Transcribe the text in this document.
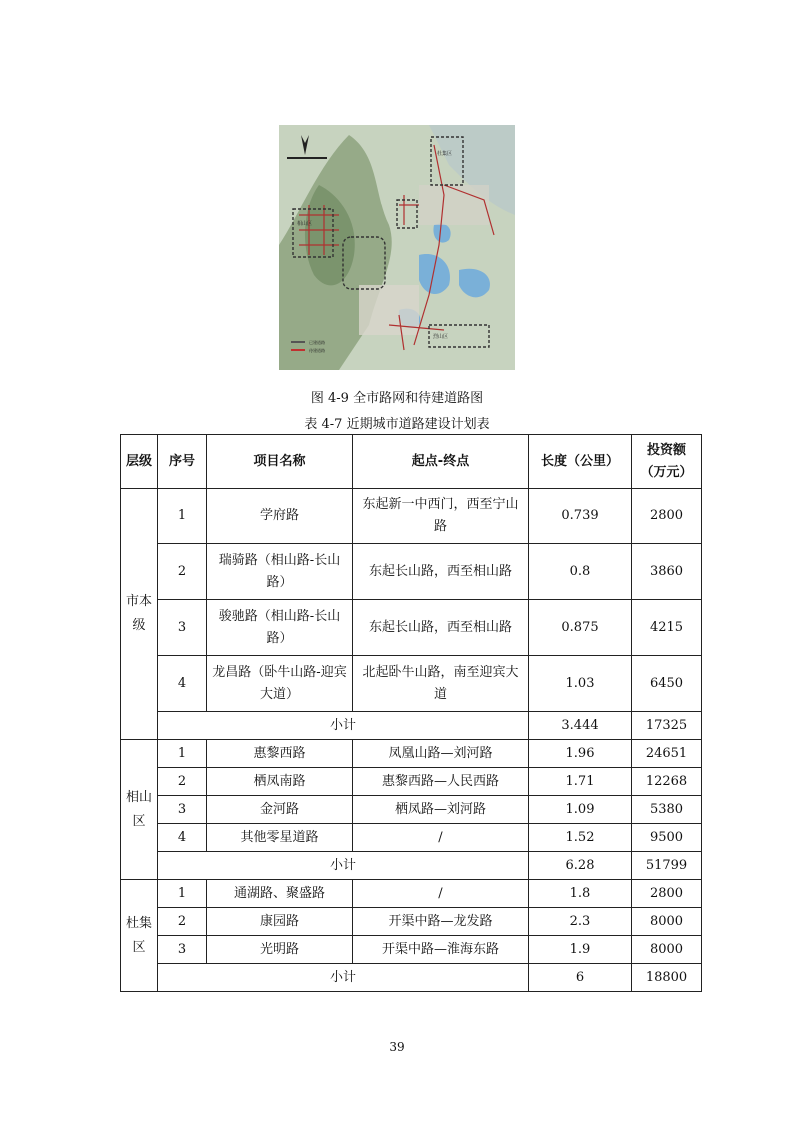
相山区
杜集区
烈山区
已建道路
待建道路
图 4-9 全市路网和待建道路图
表 4-7 近期城市道路建设计划表
层级	序号	项目名称	起点-终点	长度（公里）	投资额
（万元）
市本级	1	学府路	东起新一中西门，西至宁山路	0.739	2800
	2	瑞骑路（相山路-长山路）	东起长山路，西至相山路	0.8	3860
	3	骏驰路（相山路-长山路）	东起长山路，西至相山路	0.875	4215
	4	龙昌路（卧牛山路-迎宾大道）	北起卧牛山路，南至迎宾大道	1.03	6450
	小计			3.444	17325
相山区	1	惠黎西路	凤凰山路—刘河路	1.96	24651
	2	栖凤南路	惠黎西路—人民西路	1.71	12268
	3	金河路	栖凤路—刘河路	1.09	5380
	4	其他零星道路	/	1.52	9500
	小计			6.28	51799
杜集区	1	通湖路、聚盛路	/	1.8	2800
	2	康园路	开渠中路—龙发路	2.3	8000
	3	光明路	开渠中路—淮海东路	1.9	8000
	小计			6	18800
39
